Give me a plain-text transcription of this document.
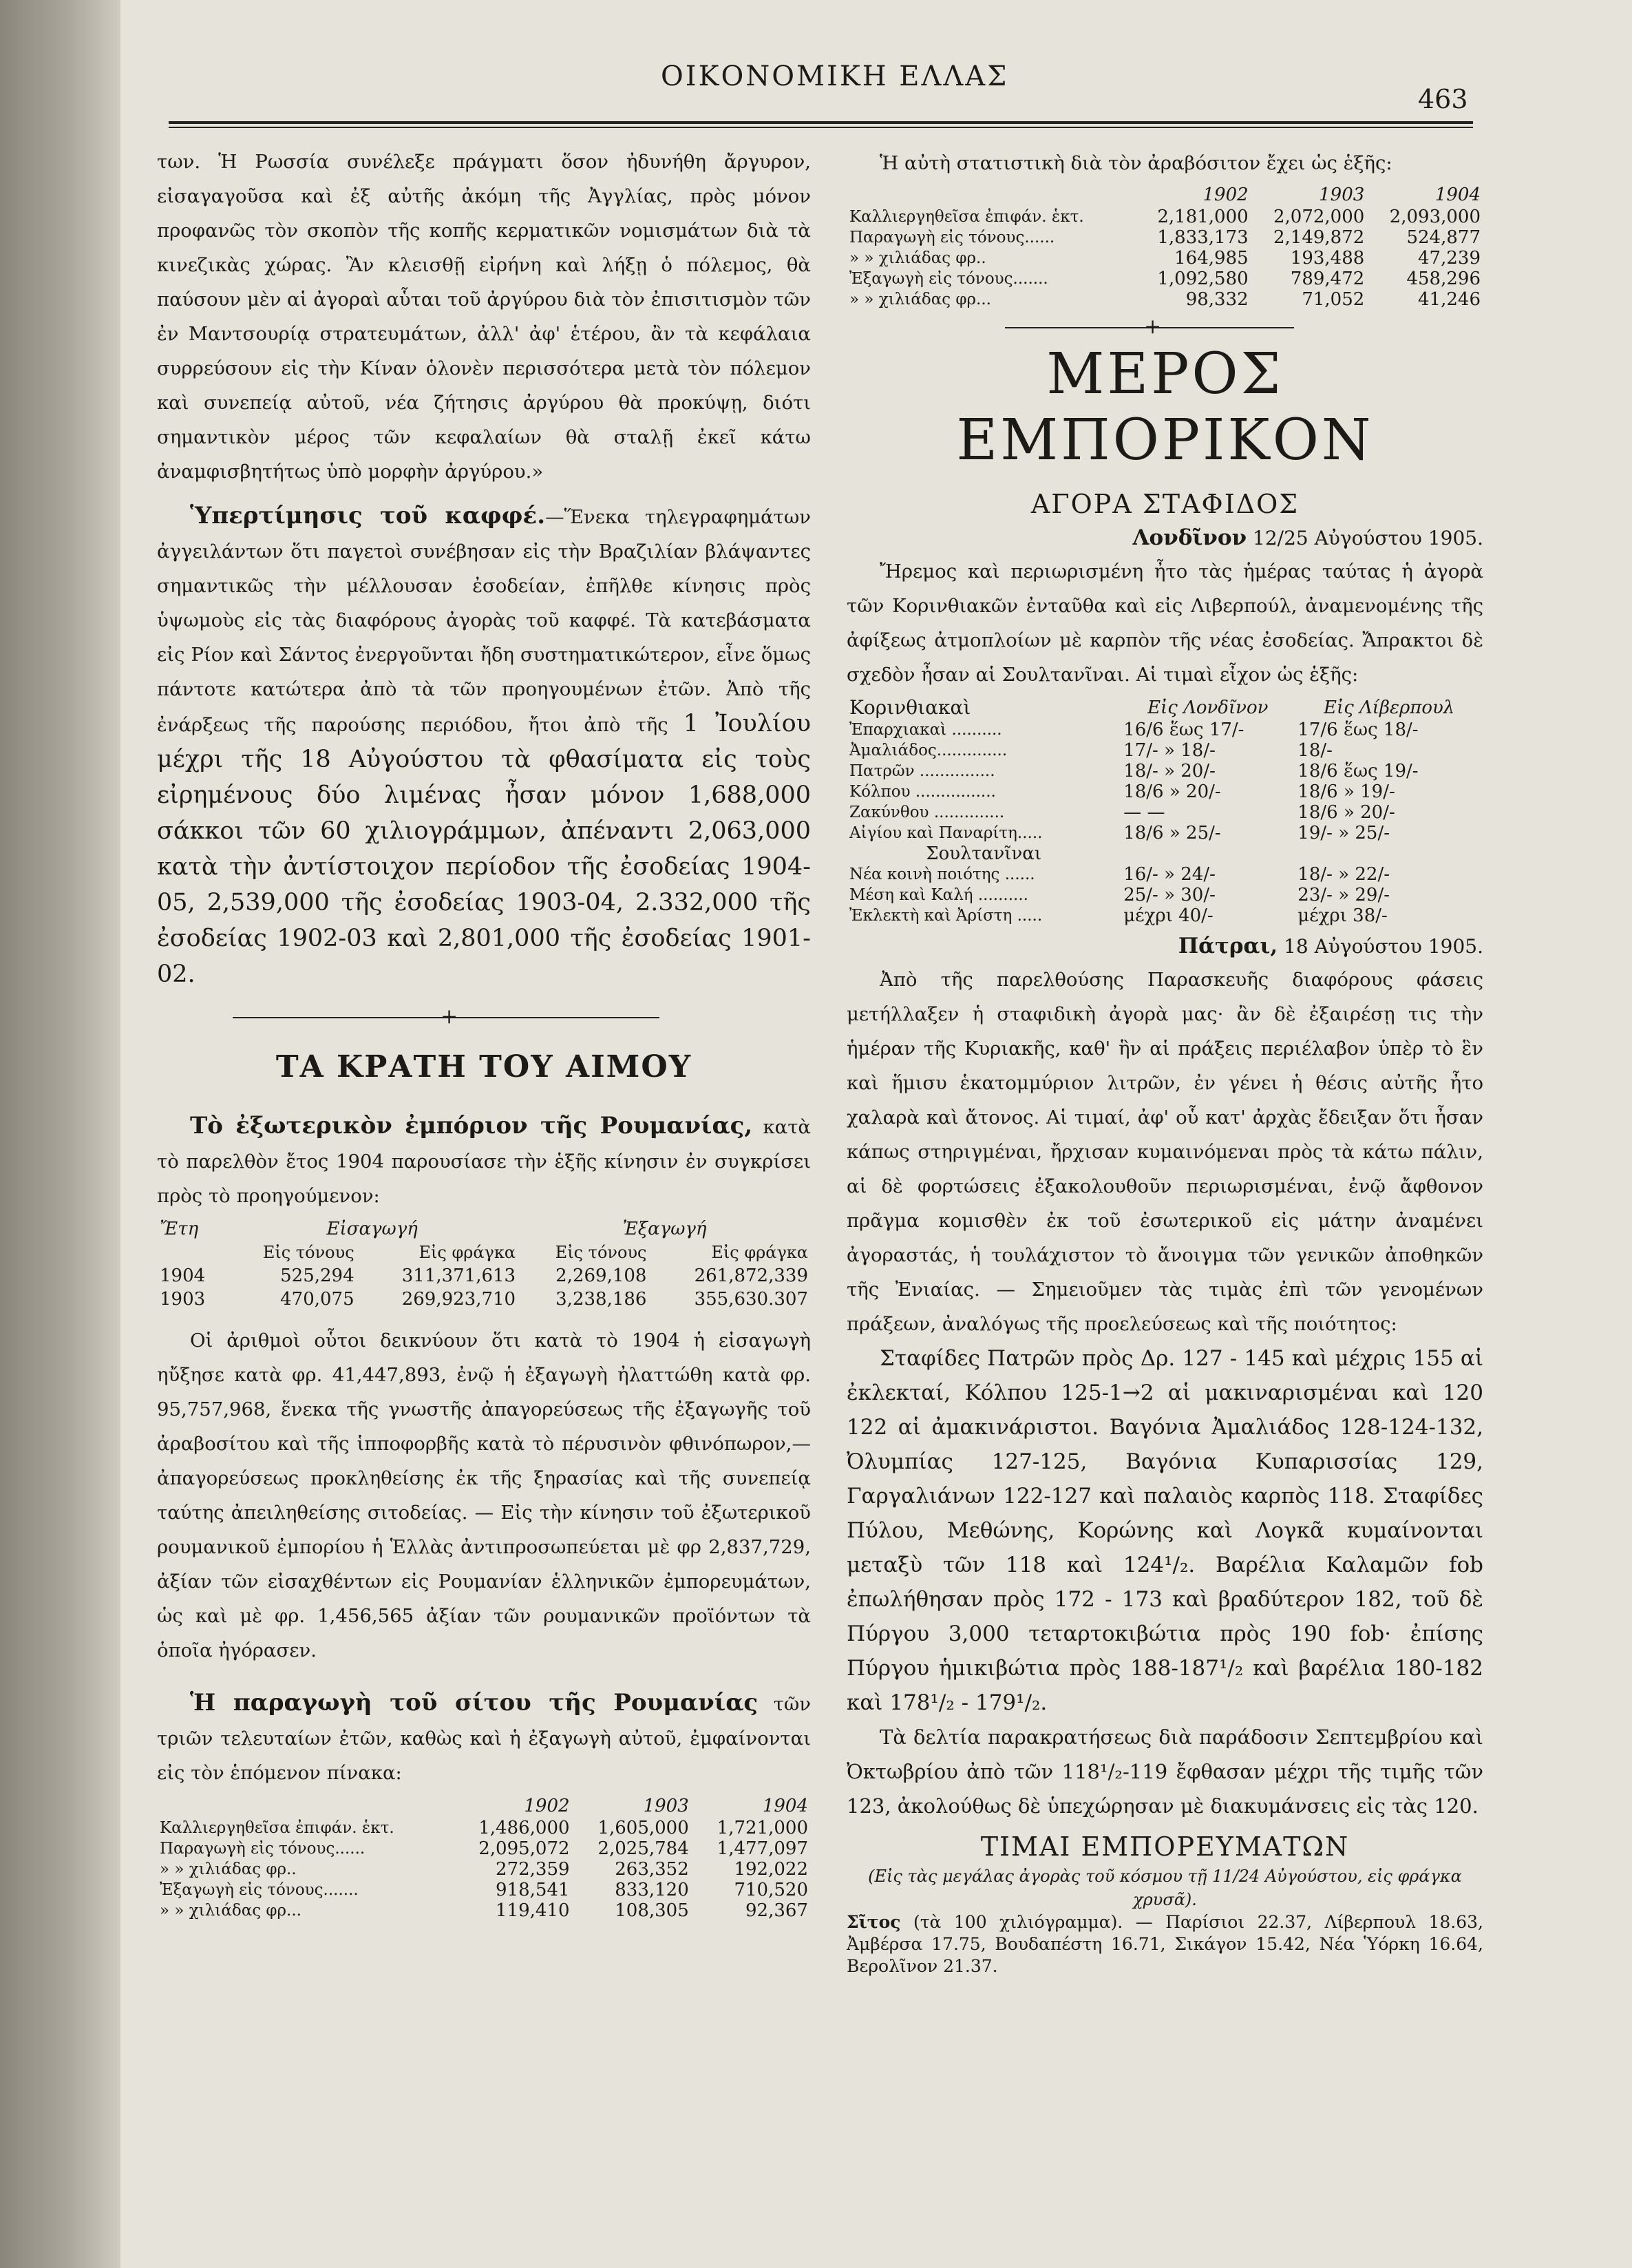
ΟΙΚΟΝΟΜΙΚΗ ΕΛΛΑΣ
463

των. Ἡ Ρωσσία συνέλεξε πράγματι ὅσον ἠδυνήθη ἄργυρον, εἰσαγαγοῦσα καὶ ἐξ αὐτῆς ἀκόμη τῆς Ἀγγλίας, πρὸς μόνον προφανῶς τὸν σκοπὸν τῆς κοπῆς κερματικῶν νομισμάτων διὰ τὰ κινεζικὰς χώρας. Ἂν κλεισθῇ εἰρήνη καὶ λήξῃ ὁ πόλεμος, θὰ παύσουν μὲν αἱ ἀγοραὶ αὗται τοῦ ἀργύρου διὰ τὸν ἐπισιτισμὸν τῶν ἐν Μαντσουρίᾳ στρατευμάτων, ἀλλ' ἀφ' ἑτέρου, ἂν τὰ κεφάλαια συρρεύσουν εἰς τὴν Κίναν ὁλονὲν περισσότερα μετὰ τὸν πόλεμον καὶ συνεπείᾳ αὐτοῦ, νέα ζήτησις ἀργύρου θὰ προκύψῃ, διότι σημαντικὸν μέρος τῶν κεφαλαίων θὰ σταλῇ ἐκεῖ κάτω ἀναμφισβητήτως ὑπὸ μορφὴν ἀργύρου.»

Ὑπερτίμησις τοῦ καφφέ.—Ἕνεκα τηλεγραφημάτων ἀγγειλάντων ὅτι παγετοὶ συνέβησαν εἰς τὴν Βραζιλίαν βλάψαντες σημαντικῶς τὴν μέλλουσαν ἐσοδείαν, ἐπῆλθε κίνησις πρὸς ὑψωμοὺς εἰς τὰς διαφόρους ἀγορὰς τοῦ καφφέ. Τὰ κατεβάσματα εἰς Ρίον καὶ Σάντος ἐνεργοῦνται ἤδη συστηματικώτερον, εἶνε ὅμως πάντοτε κατώτερα ἀπὸ τὰ τῶν προηγουμένων ἐτῶν. Ἀπὸ τῆς ἐνάρξεως τῆς παρούσης περιόδου, ἤτοι ἀπὸ τῆς 1 Ἰουλίου μέχρι τῆς 18 Αὐγούστου τὰ φθασίματα εἰς τοὺς εἰρημένους δύο λιμένας ἦσαν μόνον 1,688,000 σάκκοι τῶν 60 χιλιογράμμων, ἀπέναντι 2,063,000 κατὰ τὴν ἀντίστοιχον περίοδον τῆς ἐσοδείας 1904-05, 2,539,000 τῆς ἐσοδείας 1903-04, 2.332,000 τῆς ἐσοδείας 1902-03 καὶ 2,801,000 τῆς ἐσοδείας 1901-02.

+
ΤΑ ΚΡΑΤΗ ΤΟΥ ΑΙΜΟΥ

Τὸ ἐξωτερικὸν ἐμπόριον τῆς Ρουμανίας, κατὰ τὸ παρελθὸν ἔτος 1904 παρουσίασε τὴν ἑξῆς κίνησιν ἐν συγκρίσει πρὸς τὸ προηγούμενον:

Ἔτη	Εἰσαγωγή		Ἐξαγωγή	
	Εἰς τόνους	Εἰς φράγκα	Εἰς τόνους	Εἰς φράγκα
1904	525,294	311,371,613	2,269,108	261,872,339
1903	470,075	269,923,710	3,238,186	355,630.307

Οἱ ἀριθμοὶ οὗτοι δεικνύουν ὅτι κατὰ τὸ 1904 ἡ εἰσαγωγὴ ηὔξησε κατὰ φρ. 41,447,893, ἐνῷ ἡ ἐξαγωγὴ ἠλαττώθη κατὰ φρ. 95,757,968, ἕνεκα τῆς γνωστῆς ἀπαγορεύσεως τῆς ἐξαγωγῆς τοῦ ἀραβοσίτου καὶ τῆς ἱπποφορβῆς κατὰ τὸ πέρυσινὸν φθινόπωρον,—ἀπαγορεύσεως προκληθείσης ἐκ τῆς ξηρασίας καὶ τῆς συνεπείᾳ ταύτης ἀπειληθείσης σιτοδείας. — Εἰς τὴν κίνησιν τοῦ ἐξωτερικοῦ ρουμανικοῦ ἐμπορίου ἡ Ἑλλὰς ἀντιπροσωπεύεται μὲ φρ 2,837,729, ἀξίαν τῶν εἰσαχθέντων εἰς Ρουμανίαν ἑλληνικῶν ἐμπορευμάτων, ὡς καὶ μὲ φρ. 1,456,565 ἀξίαν τῶν ρουμανικῶν προϊόντων τὰ ὁποῖα ἠγόρασεν.

Ἡ παραγωγὴ τοῦ σίτου τῆς Ρουμανίας τῶν τριῶν τελευταίων ἐτῶν, καθὼς καὶ ἡ ἐξαγωγὴ αὐτοῦ, ἐμφαίνονται εἰς τὸν ἑπόμενον πίνακα:

	1902	1903	1904
Καλλιεργηθεῖσα ἐπιφάν. ἑκτ.	1,486,000	1,605,000	1,721,000
Παραγωγὴ εἰς τόνους......	2,095,072	2,025,784	1,477,097
» » χιλιάδας φρ..	272,359	263,352	192,022
Ἐξαγωγὴ εἰς τόνους.......	918,541	833,120	710,520
» » χιλιάδας φρ...	119,410	108,305	92,367

Ἡ αὐτὴ στατιστικὴ διὰ τὸν ἀραβόσιτον ἔχει ὡς ἑξῆς:

	1902	1903	1904
Καλλιεργηθεῖσα ἐπιφάν. ἑκτ.	2,181,000	2,072,000	2,093,000
Παραγωγὴ εἰς τόνους......	1,833,173	2,149,872	524,877
» » χιλιάδας φρ..	164,985	193,488	47,239
Ἐξαγωγὴ εἰς τόνους.......	1,092,580	789,472	458,296
» » χιλιάδας φρ...	98,332	71,052	41,246
+
ΜΕΡΟΣ ΕΜΠΟΡΙΚΟΝ
ΑΓΟΡΑ ΣΤΑΦΙΔΟΣ
Λονδῖνον 12/25 Αὐγούστου 1905.

Ἤρεμος καὶ περιωρισμένη ἦτο τὰς ἡμέρας ταύτας ἡ ἀγορὰ τῶν Κορινθιακῶν ἐνταῦθα καὶ εἰς Λιβερπούλ, ἀναμενομένης τῆς ἀφίξεως ἀτμοπλοίων μὲ καρπὸν τῆς νέας ἐσοδείας. Ἄπρακτοι δὲ σχεδὸν ἦσαν αἱ Σουλτανῖναι. Αἱ τιμαὶ εἶχον ὡς ἑξῆς:

Κορινθιακαὶ	Εἰς Λονδῖνον	Εἰς Λίβερπουλ
Ἐπαρχιακαὶ ..........	16/6 ἕως 17/-	17/6 ἕως 18/-
Ἀμαλιάδος..............	17/- » 18/-	18/-
Πατρῶν ...............	18/- » 20/-	18/6 ἕως 19/-
Κόλπου ................	18/6 » 20/-	18/6 » 19/-
Ζακύνθου ..............	— —	18/6 » 20/-
Αἰγίου καὶ Παναρίτη.....	18/6 » 25/-	19/- » 25/-
Σουλτανῖναι		
Νέα κοινὴ ποιότης ......	16/- » 24/-	18/- » 22/-
Μέση καὶ Καλή ..........	25/- » 30/-	23/- » 29/-
Ἐκλεκτὴ καὶ Ἀρίστη .....	μέχρι 40/-	μέχρι 38/-
Πάτραι, 18 Αὐγούστου 1905.

Ἀπὸ τῆς παρελθούσης Παρασκευῆς διαφόρους φάσεις μετήλλαξεν ἡ σταφιδικὴ ἀγορὰ μας· ἂν δὲ ἐξαιρέσῃ τις τὴν ἡμέραν τῆς Κυριακῆς, καθ' ἣν αἱ πράξεις περιέλαβον ὑπὲρ τὸ ἓν καὶ ἥμισυ ἑκατομμύριον λιτρῶν, ἐν γένει ἡ θέσις αὐτῆς ἦτο χαλαρὰ καὶ ἄτονος. Αἱ τιμαί, ἀφ' οὗ κατ' ἀρχὰς ἔδειξαν ὅτι ἦσαν κάπως στηριγμέναι, ἤρχισαν κυμαινόμεναι πρὸς τὰ κάτω πάλιν, αἱ δὲ φορτώσεις ἐξακολουθοῦν περιωρισμέναι, ἐνῷ ἄφθονον πρᾶγμα κομισθὲν ἐκ τοῦ ἐσωτερικοῦ εἰς μάτην ἀναμένει ἀγοραστάς, ἡ τουλάχιστον τὸ ἄνοιγμα τῶν γενικῶν ἀποθηκῶν τῆς Ἐνιαίας. — Σημειοῦμεν τὰς τιμὰς ἐπὶ τῶν γενομένων πράξεων, ἀναλόγως τῆς προελεύσεως καὶ τῆς ποιότητος:

Σταφίδες Πατρῶν πρὸς Δρ. 127 - 145 καὶ μέχρις 155 αἱ ἐκλεκταί, Κόλπου 125-1→2 αἱ μακιναρισμέναι καὶ 120 122 αἱ ἀμακινάριστοι. Βαγόνια Ἀμαλιάδος 128-124-132, Ὀλυμπίας 127-125, Βαγόνια Κυπαρισσίας 129, Γαργαλιάνων 122-127 καὶ παλαιὸς καρπὸς 118. Σταφίδες Πύλου, Μεθώνης, Κορώνης καὶ Λογκᾶ κυμαίνονται μεταξὺ τῶν 118 καὶ 124¹/₂. Βαρέλια Καλαμῶν fob ἐπωλήθησαν πρὸς 172 - 173 καὶ βραδύτερον 182, τοῦ δὲ Πύργου 3,000 τεταρτοκιβώτια πρὸς 190 fob· ἐπίσης Πύργου ἡμικιβώτια πρὸς 188-187¹/₂ καὶ βαρέλια 180-182 καὶ 178¹/₂ - 179¹/₂.

Τὰ δελτία παρακρατήσεως διὰ παράδοσιν Σεπτεμβρίου καὶ Ὀκτωβρίου ἀπὸ τῶν 118¹/₂-119 ἔφθασαν μέχρι τῆς τιμῆς τῶν 123, ἀκολούθως δὲ ὑπεχώρησαν μὲ διακυμάνσεις εἰς τὰς 120.

ΤΙΜΑΙ ΕΜΠΟΡΕΥΜΑΤΩΝ
(Εἰς τὰς μεγάλας ἀγορὰς τοῦ κόσμου τῇ 11/24 Αὐγούστου, εἰς φράγκα χρυσᾶ).

Σῖτος (τὰ 100 χιλιόγραμμα). — Παρίσιοι 22.37, Λίβερπουλ 18.63, Ἀμβέρσα 17.75, Βουδαπέστη 16.71, Σικάγον 15.42, Νέα Ὑόρκη 16.64, Βερολῖνον 21.37.
